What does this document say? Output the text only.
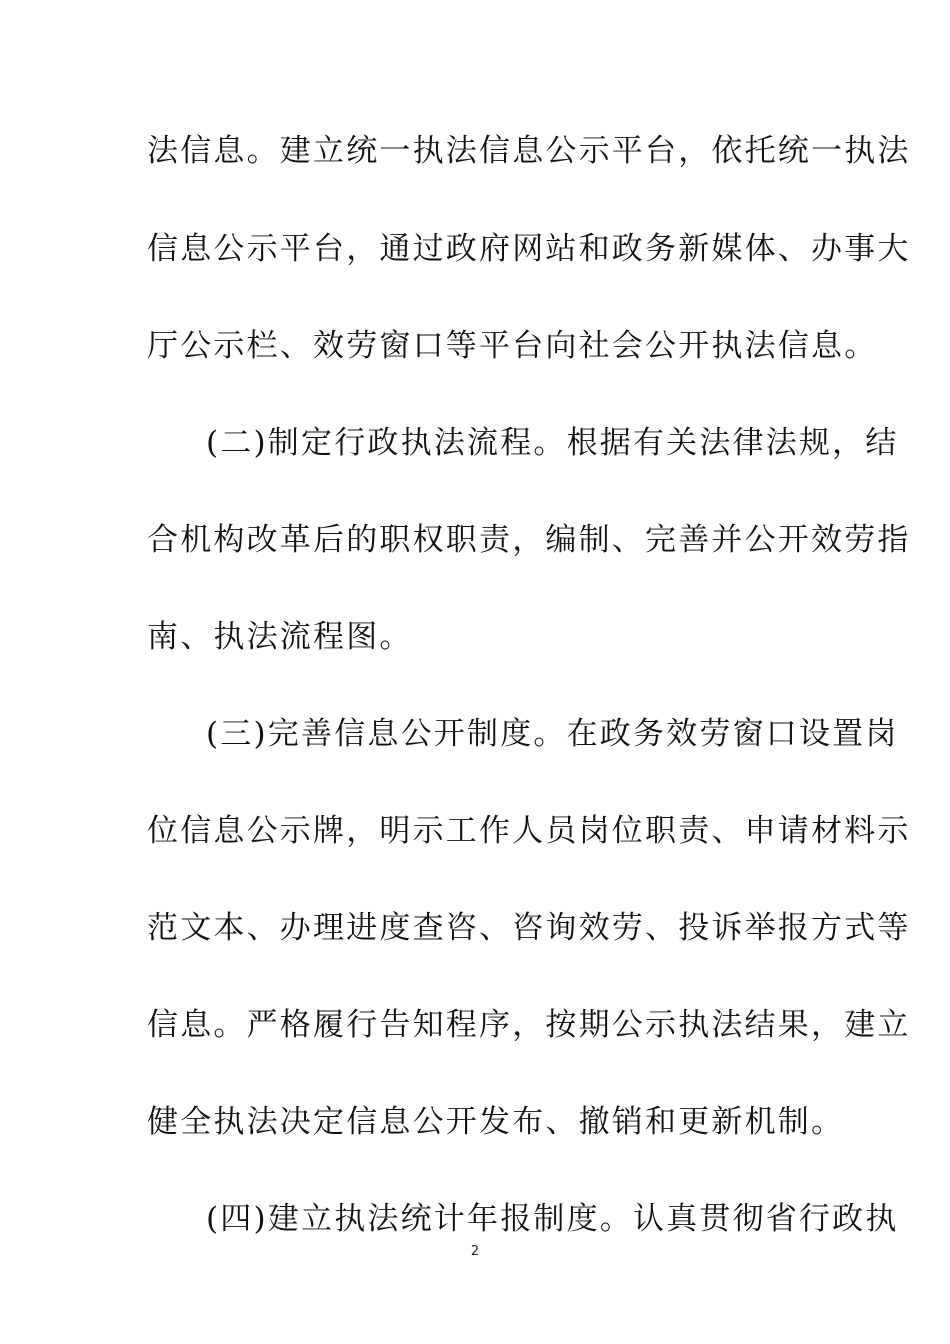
法信息。建立统一执法信息公示平台，依托统一执法
信息公示平台，通过政府网站和政务新媒体、办事大
厅公示栏、效劳窗口等平台向社会公开执法信息。
(二)制定行政执法流程。根据有关法律法规，结
合机构改革后的职权职责，编制、完善并公开效劳指
南、执法流程图。
(三)完善信息公开制度。在政务效劳窗口设置岗
位信息公示牌，明示工作人员岗位职责、申请材料示
范文本、办理进度查咨、咨询效劳、投诉举报方式等
信息。严格履行告知程序，按期公示执法结果，建立
健全执法决定信息公开发布、撤销和更新机制。
(四)建立执法统计年报制度。认真贯彻省行政执
2
